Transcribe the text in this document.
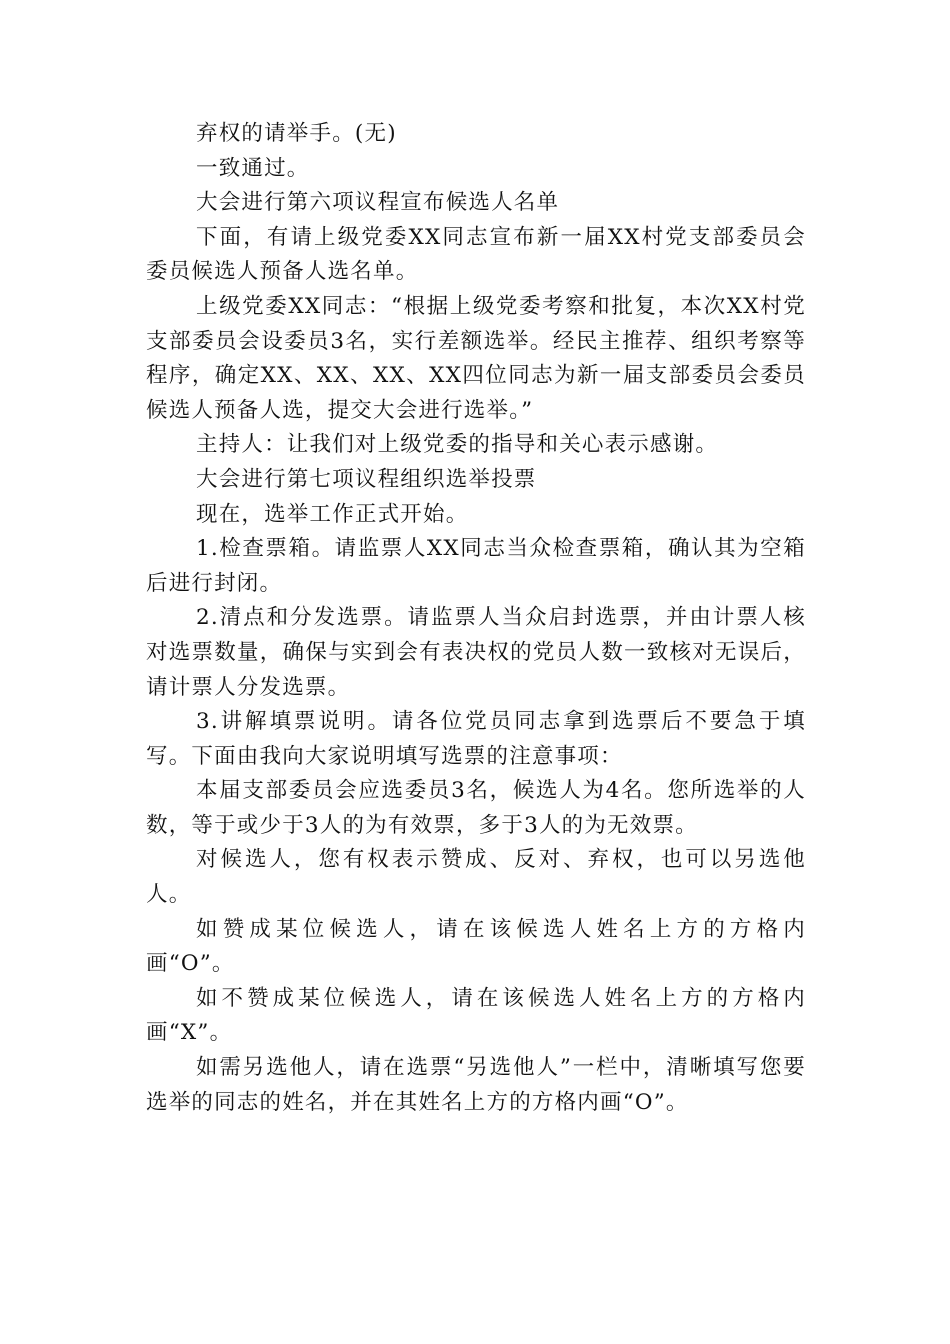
弃权的请举手。(无)

一致通过。

大会进行第六项议程宣布候选人名单

下面，有请上级党委XX同志宣布新一届XX村党支部委员会委员候选人预备人选名单。

上级党委XX同志：“根据上级党委考察和批复，本次XX村党支部委员会设委员3名，实行差额选举。经民主推荐、组织考察等程序，确定XX、XX、XX、XX四位同志为新一届支部委员会委员候选人预备人选，提交大会进行选举。”

主持人：让我们对上级党委的指导和关心表示感谢。

大会进行第七项议程组织选举投票

现在，选举工作正式开始。

1.检查票箱。请监票人XX同志当众检查票箱，确认其为空箱后进行封闭。

2.清点和分发选票。请监票人当众启封选票，并由计票人核对选票数量，确保与实到会有表决权的党员人数一致核对无误后，请计票人分发选票。

3.讲解填票说明。请各位党员同志拿到选票后不要急于填写。下面由我向大家说明填写选票的注意事项：

本届支部委员会应选委员3名，候选人为4名。您所选举的人数，等于或少于3人的为有效票，多于3人的为无效票。

对候选人，您有权表示赞成、反对、弃权，也可以另选他人。

如赞成某位候选人，请在该候选人姓名上方的方格内画“O”。

如不赞成某位候选人，请在该候选人姓名上方的方格内画“X”。

如需另选他人，请在选票“另选他人”一栏中，清晰填写您要选举的同志的姓名，并在其姓名上方的方格内画“O”。
